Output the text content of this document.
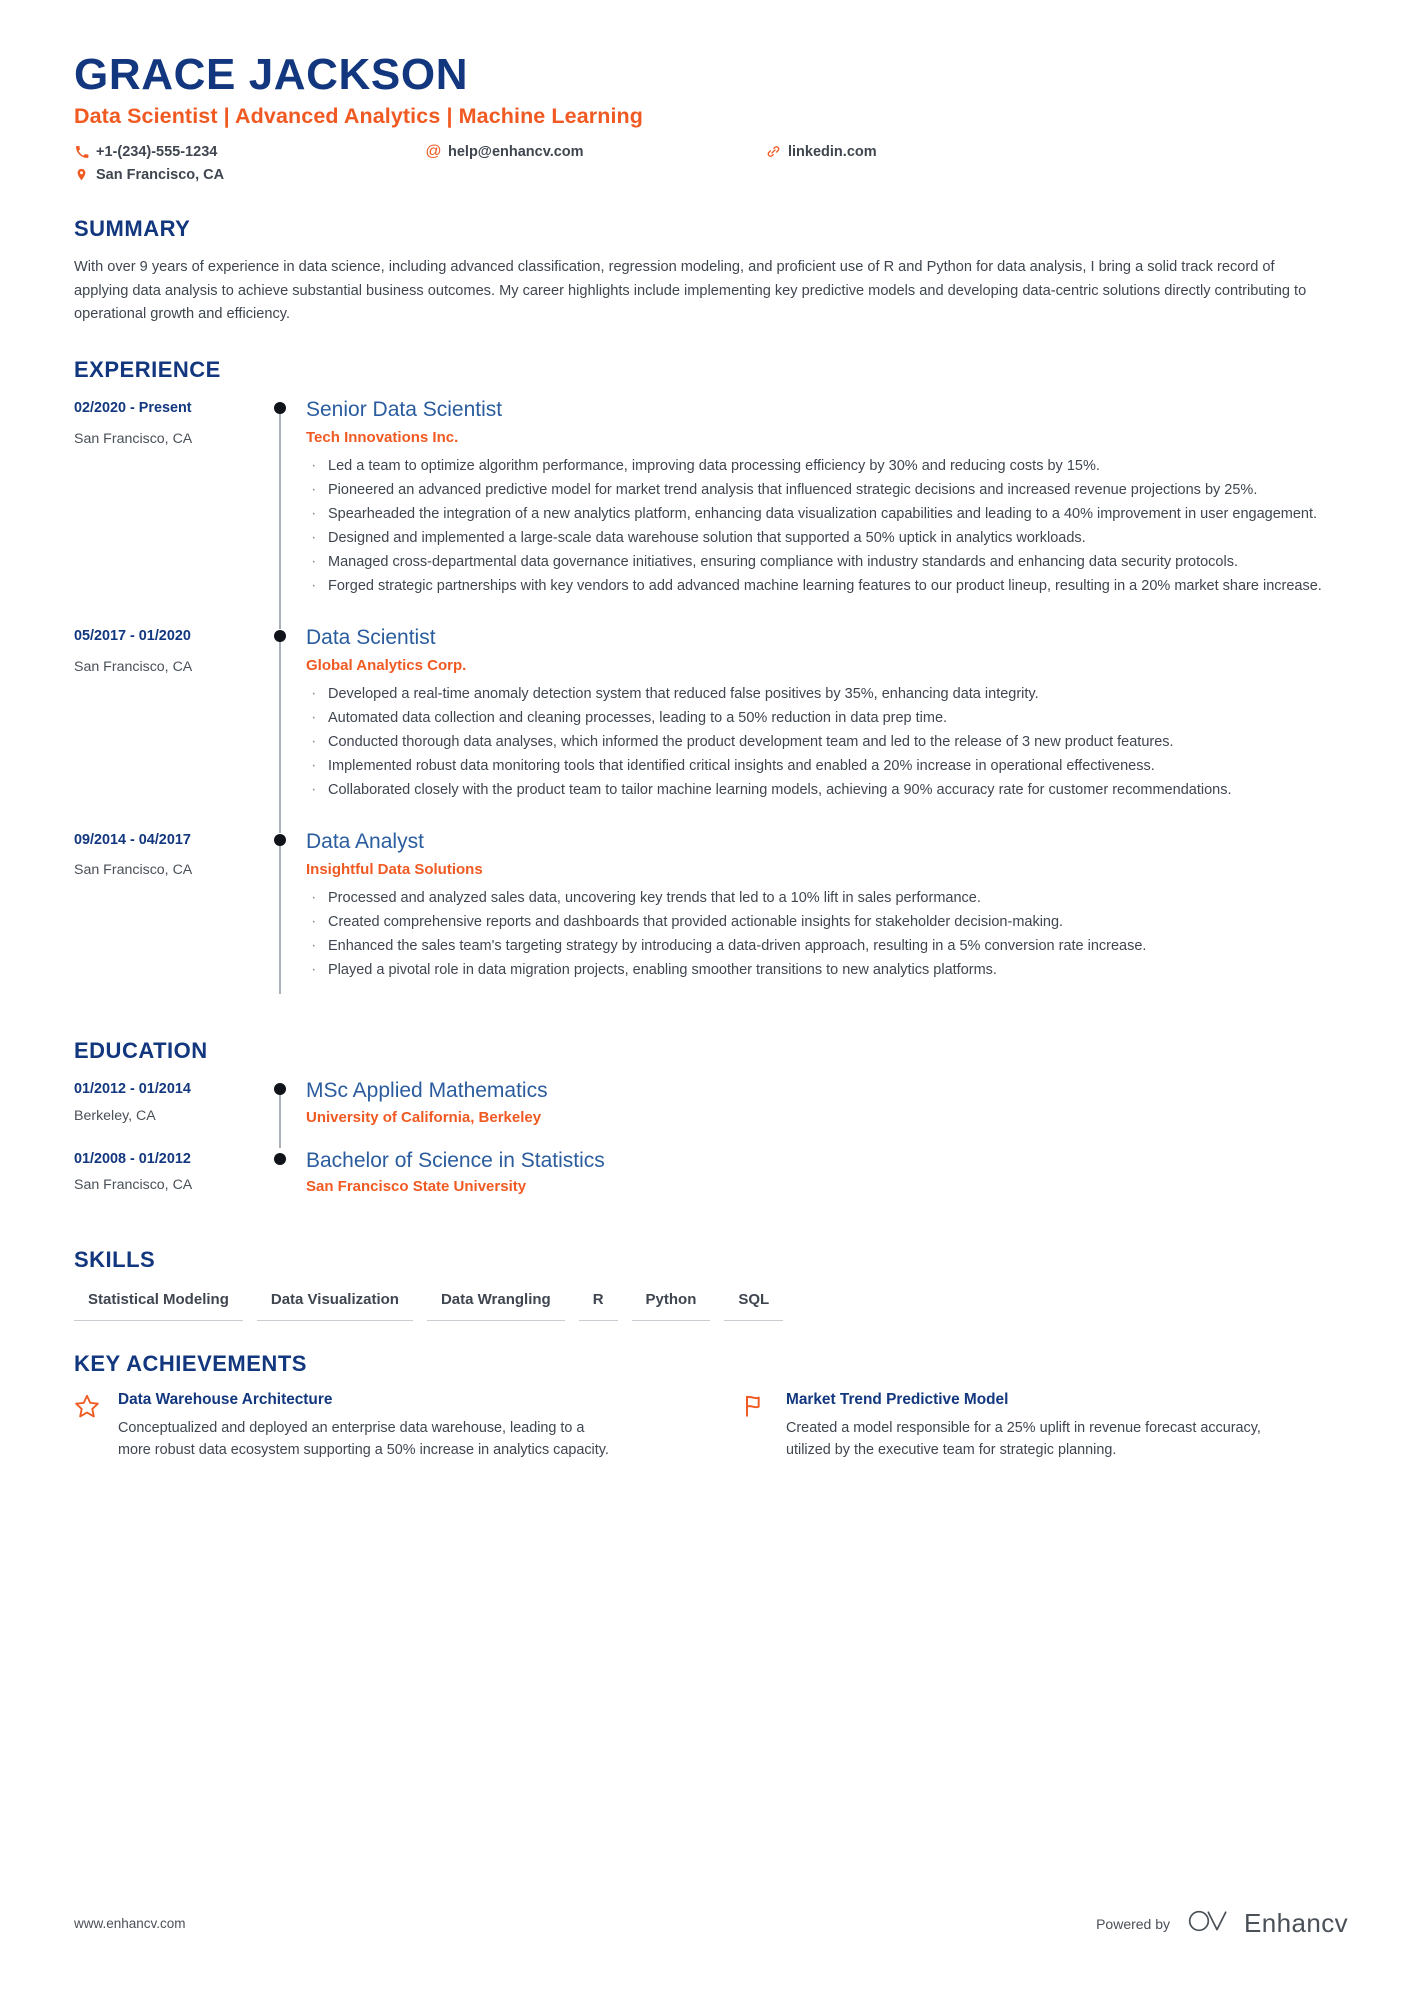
GRACE JACKSON
Data Scientist | Advanced Analytics | Machine Learning
+1-(234)-555-1234	@ help@enhancv.com	linkedin.com
San Francisco, CA
SUMMARY
With over 9 years of experience in data science, including advanced classification, regression modeling, and proficient use of R and Python for data analysis, I bring a solid track record of applying data analysis to achieve substantial business outcomes. My career highlights include implementing key predictive models and developing data-centric solutions directly contributing to operational growth and efficiency.
EXPERIENCE
02/2020 - Present
San Francisco, CA
Senior Data Scientist
Tech Innovations Inc.
· Led a team to optimize algorithm performance, improving data processing efficiency by 30% and reducing costs by 15%.
· Pioneered an advanced predictive model for market trend analysis that influenced strategic decisions and increased revenue projections by 25%.
· Spearheaded the integration of a new analytics platform, enhancing data visualization capabilities and leading to a 40% improvement in user engagement.
· Designed and implemented a large-scale data warehouse solution that supported a 50% uptick in analytics workloads.
· Managed cross-departmental data governance initiatives, ensuring compliance with industry standards and enhancing data security protocols.
· Forged strategic partnerships with key vendors to add advanced machine learning features to our product lineup, resulting in a 20% market share increase.
05/2017 - 01/2020
San Francisco, CA
Data Scientist
Global Analytics Corp.
· Developed a real-time anomaly detection system that reduced false positives by 35%, enhancing data integrity.
· Automated data collection and cleaning processes, leading to a 50% reduction in data prep time.
· Conducted thorough data analyses, which informed the product development team and led to the release of 3 new product features.
· Implemented robust data monitoring tools that identified critical insights and enabled a 20% increase in operational effectiveness.
· Collaborated closely with the product team to tailor machine learning models, achieving a 90% accuracy rate for customer recommendations.
09/2014 - 04/2017
San Francisco, CA
Data Analyst
Insightful Data Solutions
· Processed and analyzed sales data, uncovering key trends that led to a 10% lift in sales performance.
· Created comprehensive reports and dashboards that provided actionable insights for stakeholder decision-making.
· Enhanced the sales team's targeting strategy by introducing a data-driven approach, resulting in a 5% conversion rate increase.
· Played a pivotal role in data migration projects, enabling smoother transitions to new analytics platforms.
EDUCATION
01/2012 - 01/2014
Berkeley, CA
MSc Applied Mathematics
University of California, Berkeley
01/2008 - 01/2012
San Francisco, CA
Bachelor of Science in Statistics
San Francisco State University
SKILLS
Statistical Modeling	Data Visualization	Data Wrangling	R	Python	SQL
KEY ACHIEVEMENTS
Data Warehouse Architecture
Conceptualized and deployed an enterprise data warehouse, leading to a more robust data ecosystem supporting a 50% increase in analytics capacity.
Market Trend Predictive Model
Created a model responsible for a 25% uplift in revenue forecast accuracy, utilized by the executive team for strategic planning.
www.enhancv.com	Powered by	Enhancv
